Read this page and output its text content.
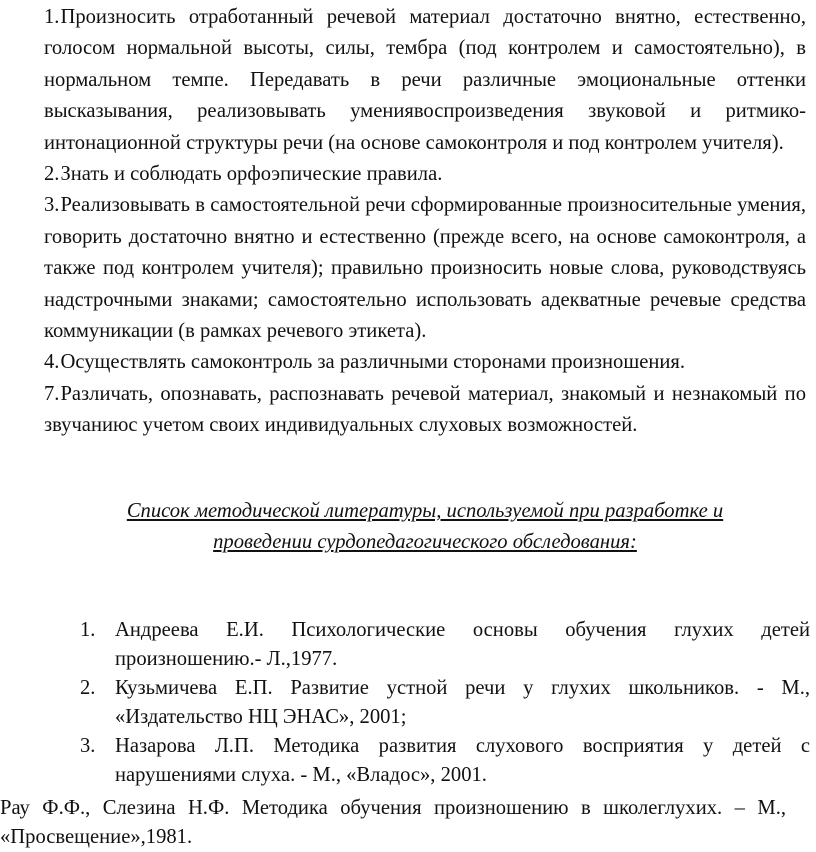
1.Произносить отработанный речевой материал достаточно внятно, естественно, голосом нормальной высоты, силы, тембра (под контролем и самостоятельно), в нормальном темпе. Передавать в речи различные эмоциональные оттенки высказывания, реализовывать умениявоспроизведения звуковой и ритмико-интонационной структуры речи (на основе самоконтроля и под контролем учителя).

2.Знать и соблюдать орфоэпические правила.

3.Реализовывать в самостоятельной речи сформированные произносительные умения, говорить достаточно внятно и естественно (прежде всего, на основе самоконтроля, а также под контролем учителя); правильно произносить новые слова, руководствуясь надстрочными знаками; самостоятельно использовать адекватные речевые средства коммуникации (в рамках речевого этикета).

4.Осуществлять самоконтроль за различными сторонами произношения.

7.Различать, опознавать, распознавать речевой материал, знакомый и незнакомый по звучаниюс учетом своих индивидуальных слуховых возможностей.

Список методической литературы, используемой при разработке и
проведении сурдопедагогического обследования:
1. Андреева Е.И. Психологические основы обучения глухих детей произношению.- Л.,1977.
2. Кузьмичева Е.П. Развитие устной речи у глухих школьников. - М., «Издательство НЦ ЭНАС», 2001;
3. Назарова Л.П. Методика развития слухового восприятия у детей с нарушениями слуха. - М., «Владос», 2001.

Рау Ф.Ф., Слезина Н.Ф. Методика обучения произношению в школеглухих. – М., «Просвещение»,1981.
